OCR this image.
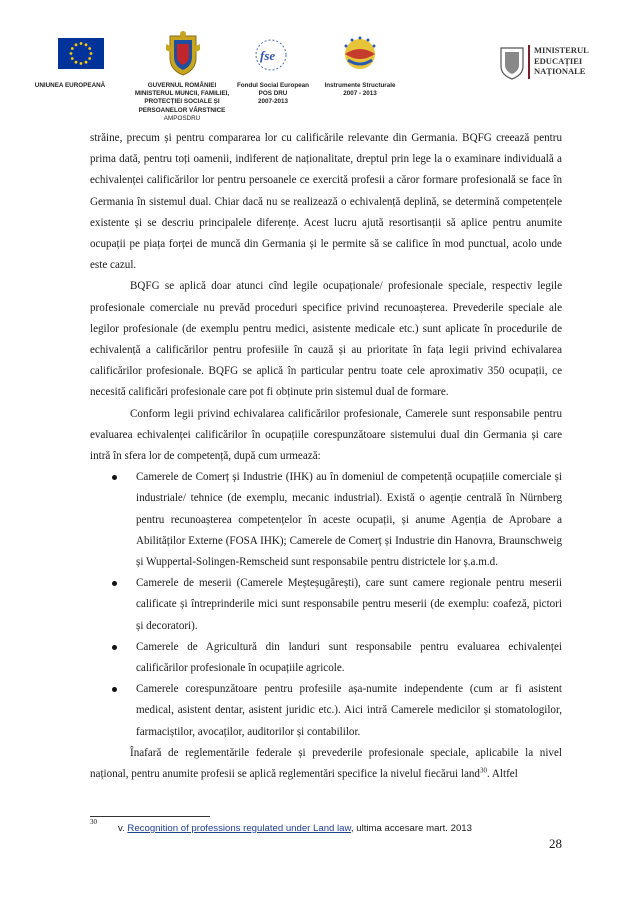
UNIUNEA EUROPEANĂ	GUVERNUL ROMÂNIEI
MINISTERUL MUNCII, FAMILIEI,
PROTECȚIEI SOCIALE ȘI
PERSOANELOR VÂRSTNICE
AMPOSDRU
fse
Fondul Social European
POS DRU
2007-2013
Instrumente Structurale
2007 - 2013
MINISTERUL
EDUCAȚIEI
NAȚIONALE

străine, precum și pentru compararea lor cu calificările relevante din Germania. BQFG creează pentru prima dată, pentru toți oamenii, indiferent de naționalitate, dreptul prin lege la o examinare individuală a echivalenței calificărilor lor pentru persoanele ce exercită profesii a căror formare profesională se face în Germania în sistemul dual. Chiar dacă nu se realizează o echivalență deplină, se determină competențele existente și se descriu principalele diferențe. Acest lucru ajută resortisanții să aplice pentru anumite ocupații pe piața forței de muncă din Germania și le permite să se califice în mod punctual, acolo unde este cazul.

BQFG se aplică doar atunci cînd legile ocupaționale/ profesionale speciale, respectiv legile profesionale comerciale nu prevăd proceduri specifice privind recunoașterea. Prevederile speciale ale legilor profesionale (de exemplu pentru medici, asistente medicale etc.) sunt aplicate în procedurile de echivalență a calificărilor pentru profesiile în cauză și au prioritate în fața legii privind echivalarea calificărilor profesionale. BQFG se aplică în particular pentru toate cele aproximativ 350 ocupații, ce necesită calificări profesionale care pot fi obținute prin sistemul dual de formare.

Conform legii privind echivalarea calificărilor profesionale, Camerele sunt responsabile pentru evaluarea echivalenței calificărilor în ocupațiile corespunzătoare sistemului dual din Germania și care intră în sfera lor de competență, după cum urmează:

Camerele de Comerț și Industrie (IHK) au în domeniul de competență ocupațiile comerciale și industriale/ tehnice (de exemplu, mecanic industrial). Există o agenție centrală în Nürnberg pentru recunoașterea competențelor în aceste ocupații, și anume Agenția de Aprobare a Abilităților Externe (FOSA IHK); Camerele de Comerț și Industrie din Hanovra, Braunschweig și Wuppertal-Solingen-Remscheid sunt responsabile pentru districtele lor ș.a.m.d.
Camerele de meserii (Camerele Meșteșugărești), care sunt camere regionale pentru meserii calificate și întreprinderile mici sunt responsabile pentru meserii (de exemplu: coafeză, pictori și decoratori).
Camerele de Agricultură din landuri sunt responsabile pentru evaluarea echivalenței calificărilor profesionale în ocupațiile agricole.
Camerele corespunzătoare pentru profesiile așa-numite independente (cum ar fi asistent medical, asistent dentar, asistent juridic etc.). Aici intră Camerele medicilor și stomatologilor, farmaciștilor, avocaților, auditorilor și contabililor.

Înafară de reglementările federale și prevederile profesionale speciale, aplicabile la nivel național, pentru anumite profesii se aplică reglementări specifice la nivelul fiecărui land$^{30}$. Altfel

30
v. Recognition of professions regulated under Land law, ultima accesare mart. 2013
28
